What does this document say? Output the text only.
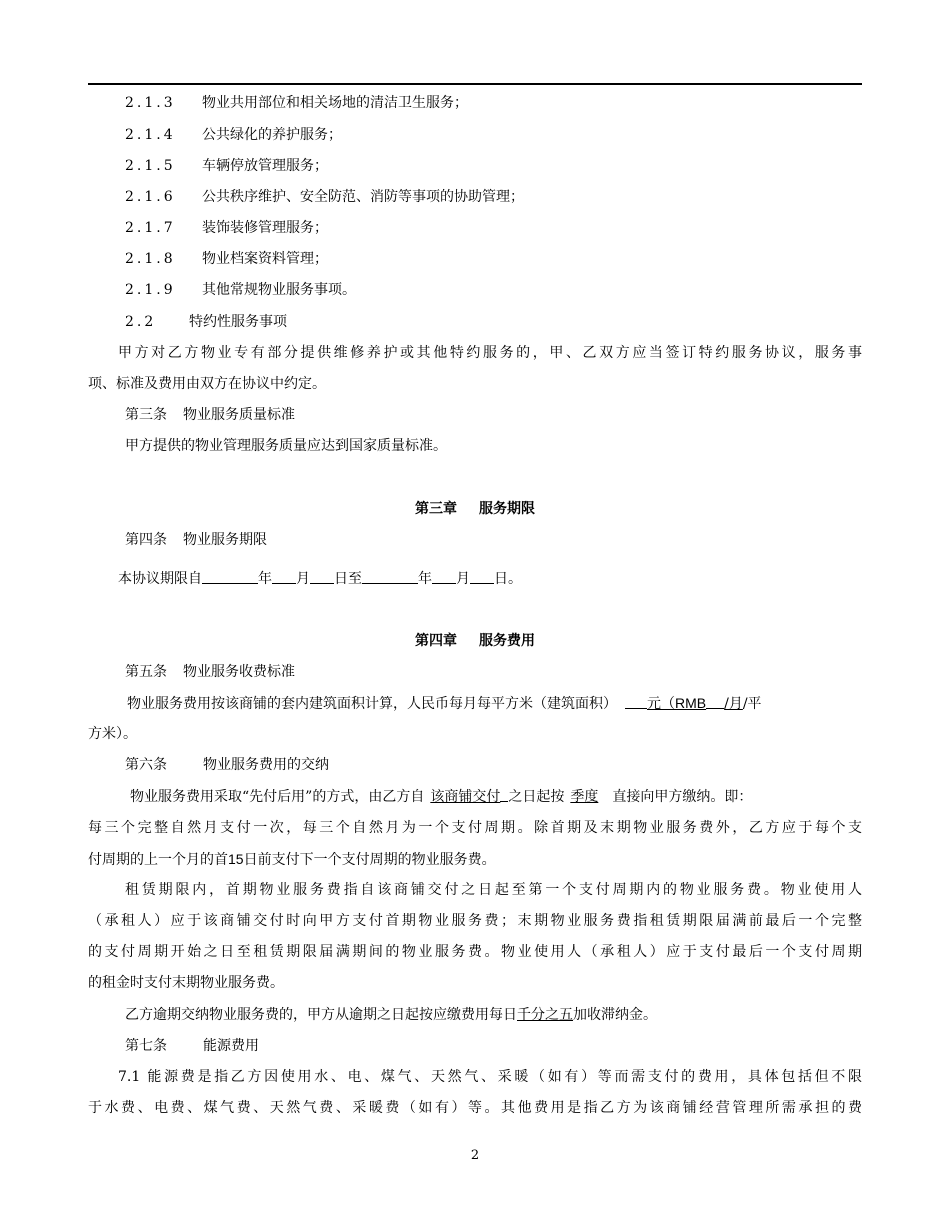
2.1.3 物业共用部位和相关场地的清洁卫生服务；
2.1.4 公共绿化的养护服务；
2.1.5 车辆停放管理服务；
2.1.6 公共秩序维护、安全防范、消防等事项的协助管理；
2.1.7 装饰装修管理服务；
2.1.8 物业档案资料管理；
2.1.9 其他常规物业服务事项。
2.2 特约性服务事项
甲方对乙方物业专有部分提供维修养护或其他特约服务的，甲、乙双方应当签订特约服务协议，服务事
项、标准及费用由双方在协议中约定。
第三条 物业服务质量标准
甲方提供的物业管理服务质量应达到国家质量标准。
第三章 服务期限
第四条 物业服务期限
本协议期限自	年 月 日至	年 月 日。
第四章 服务费用
第五条 物业服务收费标准
物业服务费用按该商铺的套内建筑面积计算，人民币每月每平方米（建筑面积） 元（RMB /月/平
方米）。
第六条	物业服务费用的交纳
物业服务费用采取“先付后用”的方式，由乙方自 该商铺交付 之日起按 季度 直接向甲方缴纳。即：
每三个完整自然月支付一次，每三个自然月为一个支付周期。除首期及末期物业服务费外，乙方应于每个支
付周期的上一个月的首15日前支付下一个支付周期的物业服务费。
租赁期限内，首期物业服务费指自该商铺交付之日起至第一个支付周期内的物业服务费。物业使用人
（承租人）应于该商铺交付时向甲方支付首期物业服务费；末期物业服务费指租赁期限届满前最后一个完整
的支付周期开始之日至租赁期限届满期间的物业服务费。物业使用人（承租人）应于支付最后一个支付周期
的租金时支付末期物业服务费。
乙方逾期交纳物业服务费的，甲方从逾期之日起按应缴费用每日千分之五加收滞纳金。
第七条	能源费用
7.1 能源费是指乙方因使用水、电、煤气、天然气、采暖（如有）等而需支付的费用，具体包括但不限
于水费、电费、煤气费、天然气费、采暖费（如有）等。其他费用是指乙方为该商铺经营管理所需承担的费
2
